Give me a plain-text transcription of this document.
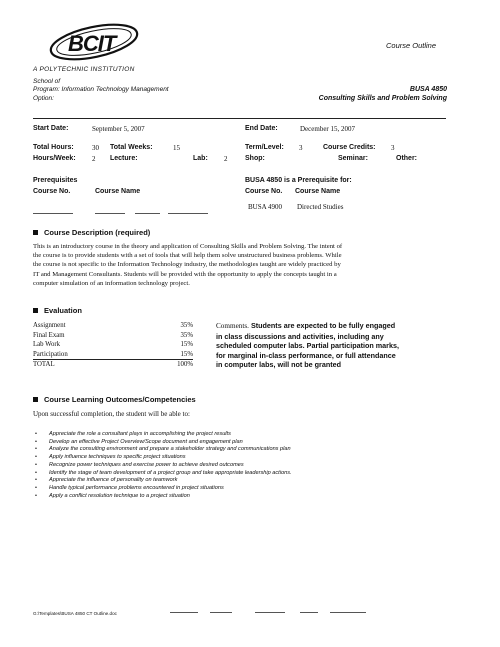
BCIT	Course Outline
A POLYTECHNIC INSTITUTION
School of
Program: Information Technology Management
Option:
BUSA 4850
Consulting Skills and Problem Solving
Start Date:	September 5, 2007	End Date:	December 15, 2007
Total Hours:	30 Total Weeks:	15	Term/Level: 3	Course Credits: 3
Hours/Week: 2 Lecture:	Lab: 2	Shop:	Seminar:	Other:
Prerequisites
Course No.	Course Name
BUSA 4850 is a Prerequisite for:
Course No. Course Name
BUSA 4900 Directed Studies
Course Description (required)
This is an introductory course in the theory and application of Consulting Skills and Problem Solving. The intent of
the course is to provide students with a set of tools that will help them solve unstructured business problems. While
the course is not specific to the Information Technology industry, the methodologies taught are widely practiced by
IT and Management Consultants. Students will be provided with the opportunity to apply the concepts taught in a
computer simulation of an information technology project.
Evaluation
Assignment	35%
Final Exam	35%
Lab Work	15%
Participation	15%
TOTAL	100%
Comments. Students are expected to be fully engaged
in class discussions and activities, including any
scheduled computer labs. Partial participation marks,
for marginal in-class performance, or full attendance
in computer labs, will not be granted
Course Learning Outcomes/Competencies
Upon successful completion, the student will be able to:
• Appreciate the role a consultant plays in accomplishing the project results
• Develop an effective Project Overview/Scope document and engagement plan
• Analyze the consulting environment and prepare a stakeholder strategy and communications plan
• Apply influence techniques to specific project situations
• Recognize power techniques and exercise power to achieve desired outcomes
• Identify the stage of team development of a project group and take appropriate leadership actions.
• Appreciate the influence of personality on teamwork
• Handle typical performance problems encountered in project situations
• Apply a conflict resolution technique to a project situation
G:\Templates\BUSA 4850 CT Outline.doc
